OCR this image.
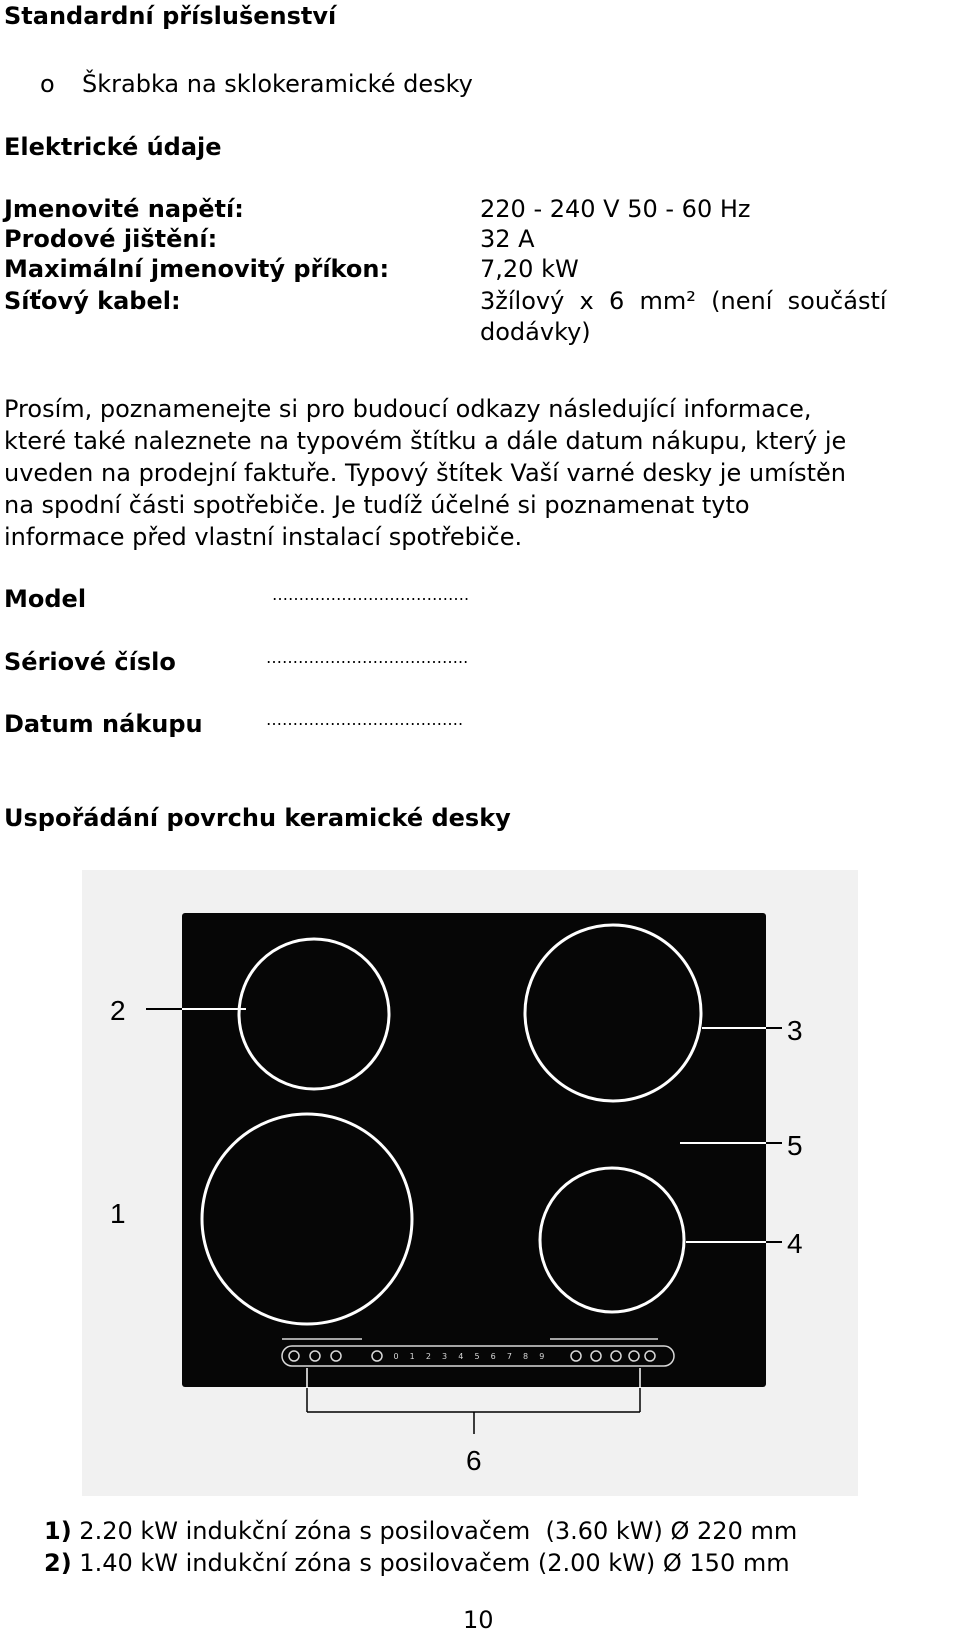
Standardní příslušenství
o Škrabka na sklokeramické desky
Elektrické údaje
Jmenovité napětí:	220 - 240 V 50 - 60 Hz
Prodové jištění:	32 A
Maximální jmenovitý příkon:	7,20 kW
Síťový kabel:	3žílový  x  6  mm²  (není  součástí
dodávky)
Prosím, poznamenejte si pro budoucí odkazy následující informace,
které také naleznete na typovém štítku a dále datum nákupu, který je
uveden na prodejní faktuře. Typový štítek Vaší varné desky je umístěn
na spodní části spotřebiče. Je tudíž účelné si poznamenat tyto
informace před vlastní instalací spotřebiče.
Model	……………………………….
Sériové číslo	………………………………..
Datum nákupu	……………………………….
Uspořádání povrchu keramické desky
0 1 2 3 4 5 6 7 8 9
2
3
5
1
4
6
1) 2.20 kW indukční zóna s posilovačem  (3.60 kW) Ø 220 mm
2) 1.40 kW indukční zóna s posilovačem (2.00 kW) Ø 150 mm
10
